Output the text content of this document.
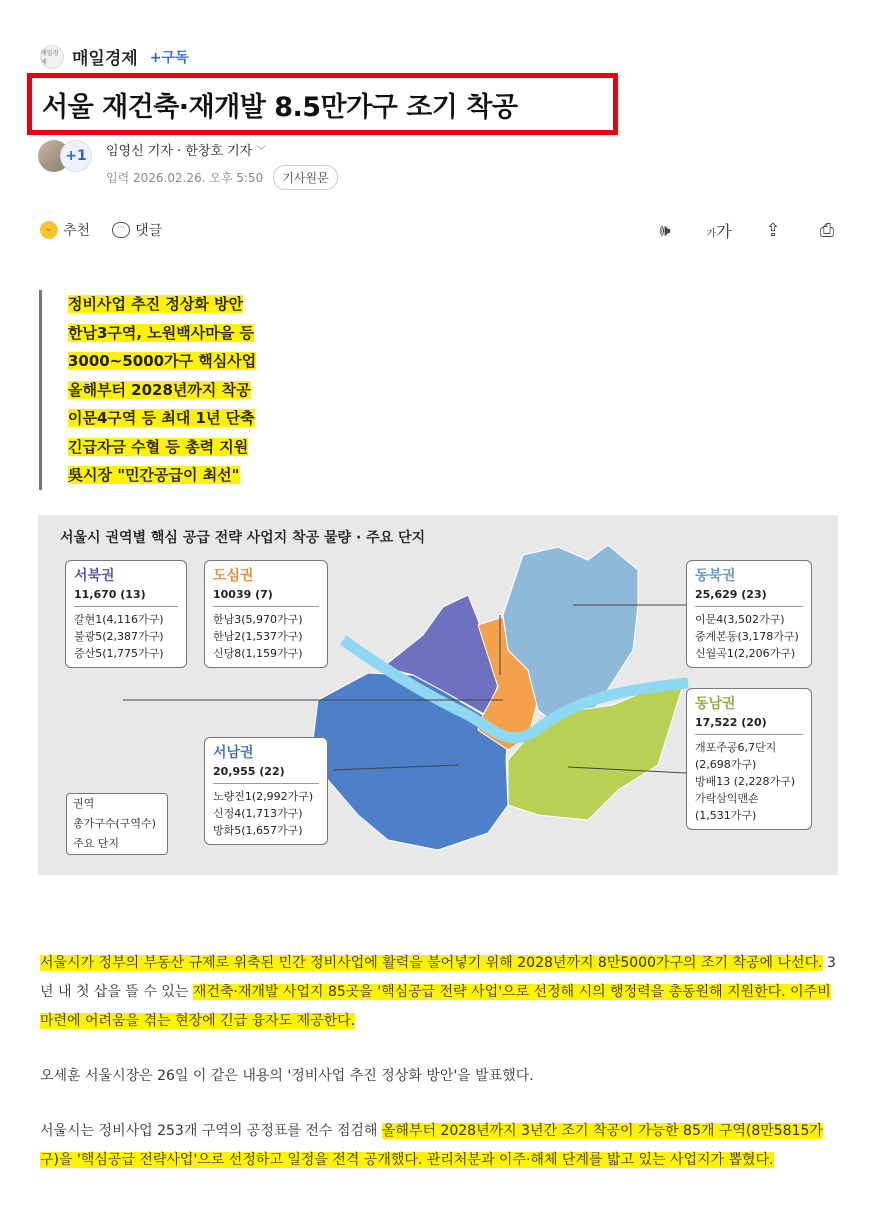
매일경제	매일경제 +구독
서울 재건축·재개발 8.5만가구 조기 착공
+1	임영신 기자 · 한창호 기자 ﹀
입력 2026.02.26. 오후 5:50	기사원문
ᵕ 추천	··· 댓글	🕪	가가	⇪	⎙
정비사업 추진 정상화 방안
한남3구역, 노원백사마을 등
3000~5000가구 핵심사업
올해부터 2028년까지 착공
이문4구역 등 최대 1년 단축
긴급자금 수혈 등 총력 지원
吳시장 "민간공급이 최선"
서울시 권역별 핵심 공급 전략 사업지 착공 물량 · 주요 단지
서북권
11,670 (13)
갈현1(4,116가구)
불광5(2,387가구)
증산5(1,775가구)
도심권
10039 (7)
한남3(5,970가구)
한남2(1,537가구)
신당8(1,159가구)
동북권
25,629 (23)
이문4(3,502가구)
중계본동(3,178가구)
신월곡1(2,206가구)
동남권
17,522 (20)
개포주공6,7단지
(2,698가구)
방배13 (2,228가구)
가락삼익맨숀
(1,531가구)
서남권
20,955 (22)
노량진1(2,992가구)
신정4(1,713가구)
방화5(1,657가구)
권역
총가구수(구역수)
주요 단지

서울시가 정부의 부동산 규제로 위축된 민간 정비사업에 활력을 불어넣기 위해 2028년까지 8만5000가구의 조기 착공에 나선다. 3년 내 첫 삽을 뜰 수 있는 재건축·재개발 사업지 85곳을 '핵심공급 전략 사업'으로 선정해 시의 행정력을 총동원해 지원한다. 이주비 마련에 어려움을 겪는 현장에 긴급 융자도 제공한다.

오세훈 서울시장은 26일 이 같은 내용의 '정비사업 추진 정상화 방안'을 발표했다.

서울시는 정비사업 253개 구역의 공정표를 전수 점검해 올해부터 2028년까지 3년간 조기 착공이 가능한 85개 구역(8만5815가구)을 '핵심공급 전략사업'으로 선정하고 일정을 전격 공개했다. 관리처분과 이주·해체 단계를 밟고 있는 사업지가 뽑혔다.
